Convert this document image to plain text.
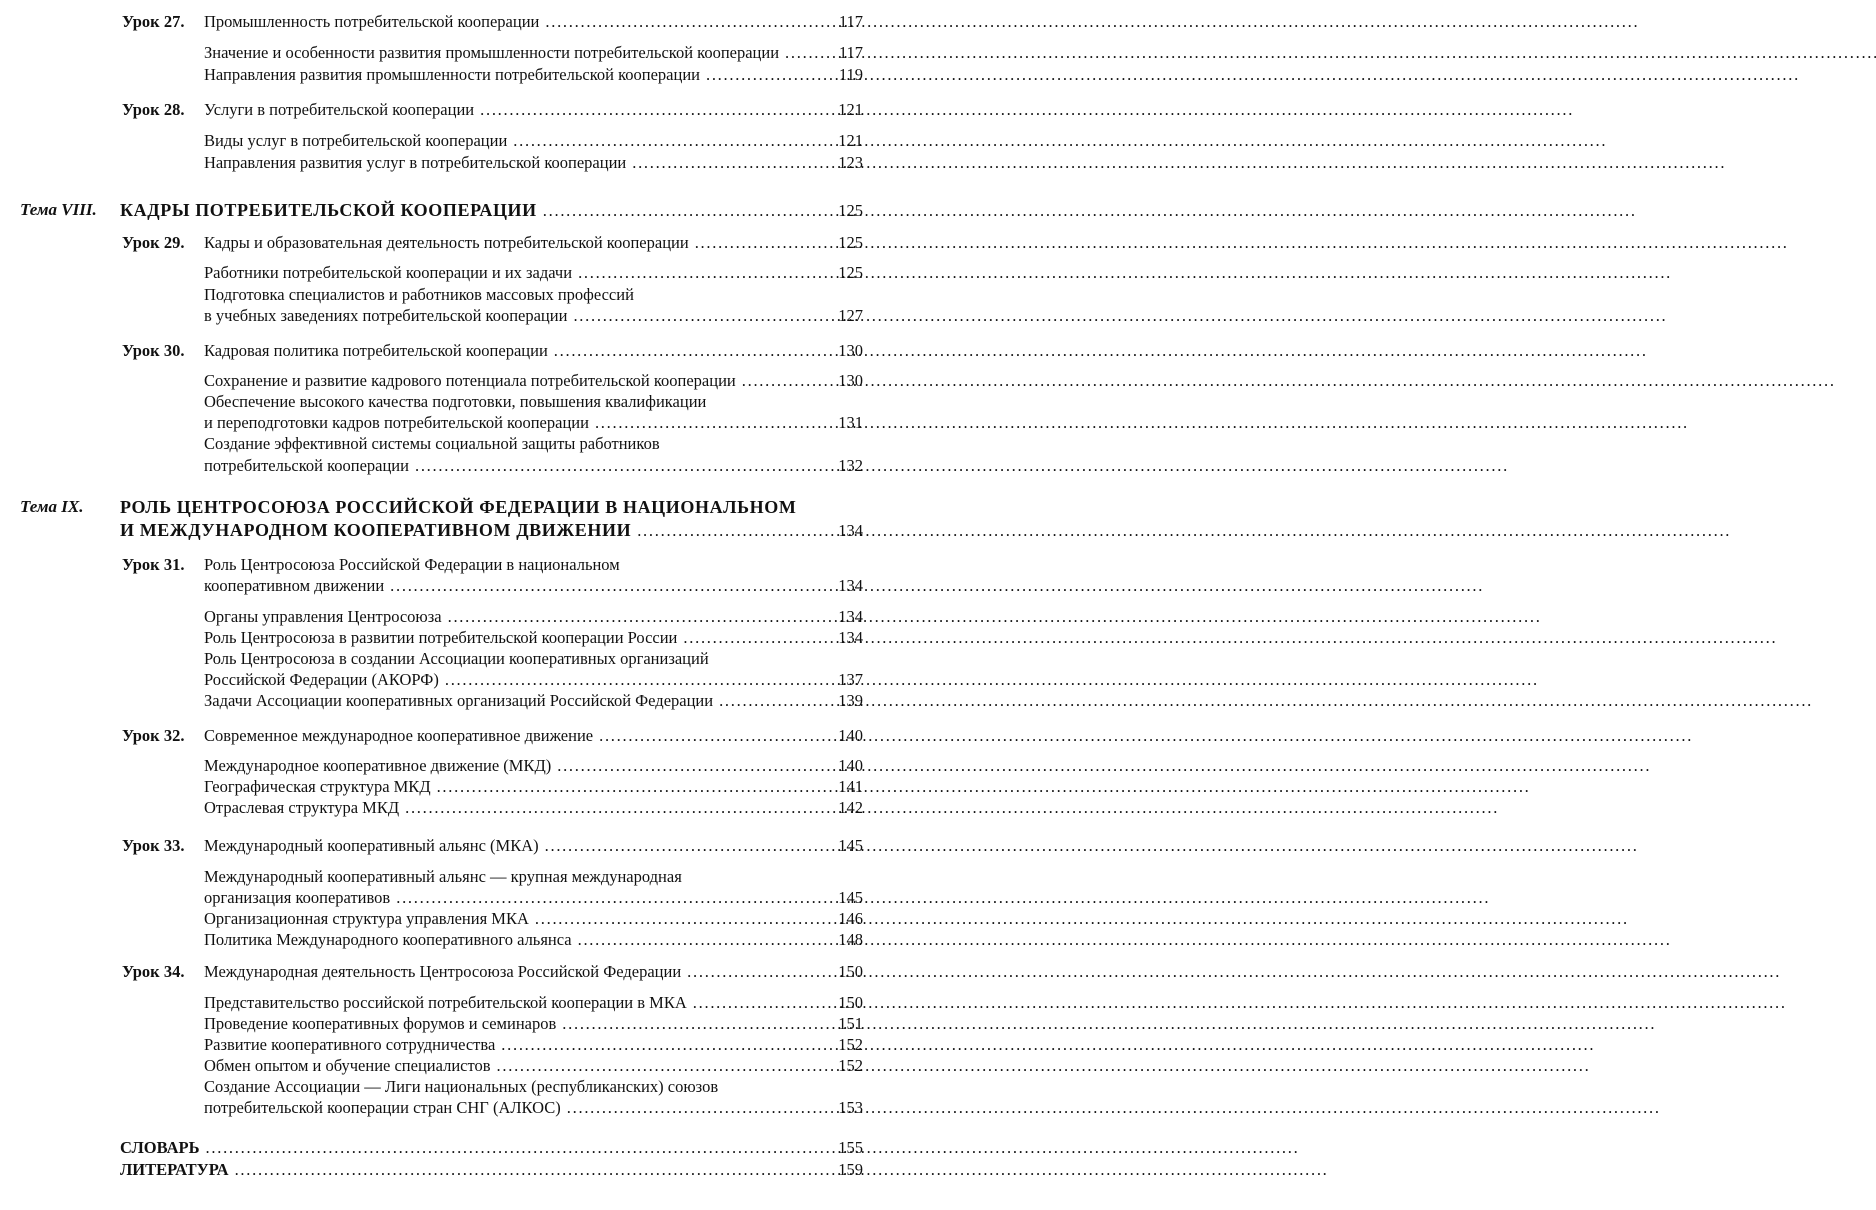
Урок 27. Промышленность потребительской кооперации . . .	117
Значение и особенности развития промышленности потребительской кооперации . . .	117
Направления развития промышленности потребительской кооперации . . .	119
Урок 28. Услуги в потребительской кооперации . . .	121
Виды услуг в потребительской кооперации . . .	121
Направления развития услуг в потребительской кооперации . . .	123
Тема VIII. КАДРЫ ПОТРЕБИТЕЛЬСКОЙ КООПЕРАЦИИ . . .	125
Урок 29. Кадры и образовательная деятельность потребительской кооперации . . .	125
Работники потребительской кооперации и их задачи . . .	125
Подготовка специалистов и работников массовых профессий
в учебных заведениях потребительской кооперации . . .	127
Урок 30. Кадровая политика потребительской кооперации . . .	130
Сохранение и развитие кадрового потенциала потребительской кооперации . . .	130
Обеспечение высокого качества подготовки, повышения квалификации
и переподготовки кадров потребительской кооперации . . .	131
Создание эффективной системы социальной защиты работников
потребительской кооперации . . .	132
Тема IX. РОЛЬ ЦЕНТРОСОЮЗА РОССИЙСКОЙ ФЕДЕРАЦИИ В НАЦИОНАЛЬНОМ
И МЕЖДУНАРОДНОМ КООПЕРАТИВНОМ ДВИЖЕНИИ . . .	134
Урок 31. Роль Центросоюза Российской Федерации в национальном
кооперативном движении . . .	134
Органы управления Центросоюза . . .	134
Роль Центросоюза в развитии потребительской кооперации России . . .	134
Роль Центросоюза в создании Ассоциации кооперативных организаций
Российской Федерации (АКОРФ) . . .	137
Задачи Ассоциации кооперативных организаций Российской Федерации . . .	139
Урок 32. Современное международное кооперативное движение . . .	140
Международное кооперативное движение (МКД) . . .	140
Географическая структура МКД . . .	141
Отраслевая структура МКД . . .	142
Урок 33. Международный кооперативный альянс (МКА) . . .	145
Международный кооперативный альянс — крупная международная
организация кооперативов . . .	145
Организационная структура управления МКА . . .	146
Политика Международного кооперативного альянса . . .	148
Урок 34. Международная деятельность Центросоюза Российской Федерации . . .	150
Представительство российской потребительской кооперации в МКА . . .	150
Проведение кооперативных форумов и семинаров . . .	151
Развитие кооперативного сотрудничества . . .	152
Обмен опытом и обучение специалистов . . .	152
Создание Ассоциации — Лиги национальных (республиканских) союзов
потребительской кооперации стран СНГ (АЛКОС) . . .	153
СЛОВАРЬ . . .	155
ЛИТЕРАТУРА . . .	159
